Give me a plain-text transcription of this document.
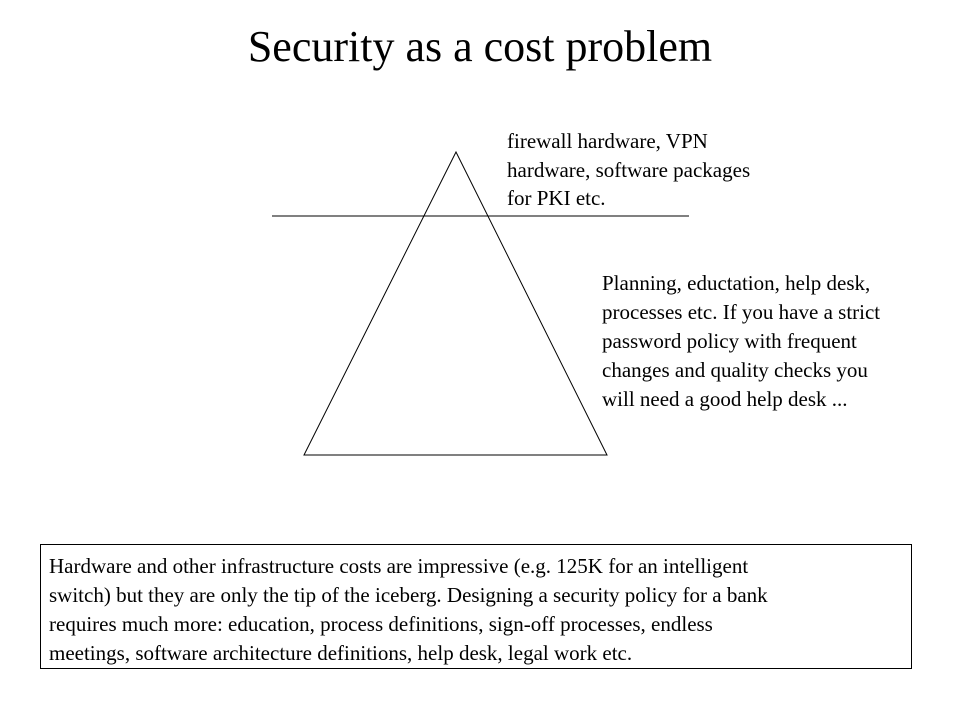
Security as a cost problem
firewall hardware, VPN
hardware, software packages
for PKI etc.
Planning, eductation, help desk,
processes etc. If you have a strict
password policy with frequent
changes and quality checks you
will need a good help desk ...
Hardware and other infrastructure costs are impressive (e.g. 125K for an intelligent
switch) but they are only the tip of the iceberg. Designing a security policy for a bank
requires much more: education, process definitions, sign-off processes, endless
meetings, software architecture definitions, help desk, legal work etc.
